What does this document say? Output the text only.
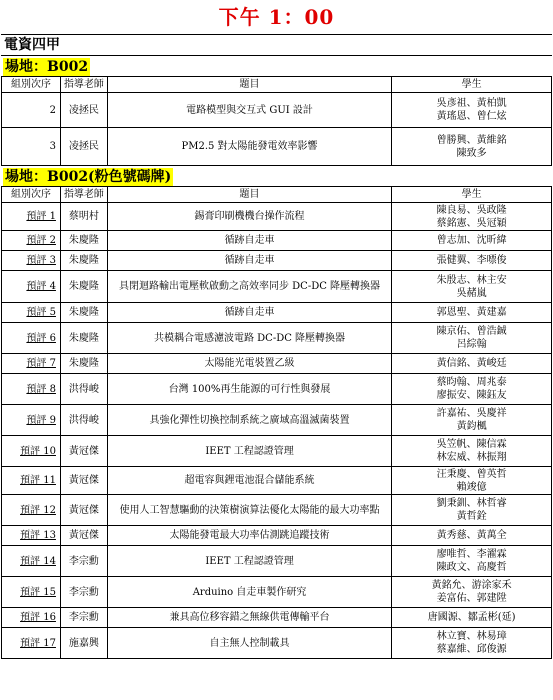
下午 1：00
電資四甲
場地：B002
組別次序	指導老師	題目	學生
2	凌拯民	電路模型與交互式 GUI 設計	吳彥祖、黃柏凱
黃瑤恩、曾仁炫
3	凌拯民	PM2.5 對太陽能發電效率影響	曾勝興、黃維銘
陳致多
場地：B002(粉色號碼牌)
組別次序	指導老師	題目	學生
預評 1	蔡明村	錫膏印刷機機台操作流程	陳良易、吳政隆
蔡銘憲、吳冠穎
預評 2	朱慶隆	循跡自走車	曾志加、沈昕緯
預評 3	朱慶隆	循跡自走車	張健翼、李嘌俊
預評 4	朱慶隆	具閉迴路輸出電壓軟啟動之高效率同步 DC-DC 降壓轉換器	朱殷志、林主安
吳赭嵐
預評 5	朱慶隆	循跡自走車	郭恩聖、黃建嘉
預評 6	朱慶隆	共模耦合電感濾波電路 DC-DC 降壓轉換器	陳京佑、曾浩鋮
呂綜翰
預評 7	朱慶隆	太陽能光電裝置乙級	黃信銘、黃峻廷
預評 8	洪得峻	台灣 100%再生能源的可行性與發展	蔡昀翰、周兆泰
廖振安、陳鈺友
預評 9	洪得峻	具強化彈性切換控制系統之廣域高溫滅菌裝置	許嘉祐、吳慶祥
黃鈞楓
預評 10	黃冠傑	IEET 工程認證管理	吳笠帆、陳信霖
林宏威、林振翔
預評 11	黃冠傑	超電容與鋰電池混合儲能系統	汪秉慶、曾英哲
賴竣億
預評 12	黃冠傑	使用人工智慧驅動的決策樹演算法優化太陽能的最大功率點	劉秉釧、林哲睿
黃哲銓
預評 13	黃冠傑	太陽能發電最大功率估測跳追蹤技術	黃秀慈、黃萬全
預評 14	李宗勳	IEET 工程認證管理	廖唯哲、李濯霖
陳政文、高慶哲
預評 15	李宗勳	Arduino 自走車製作研究	黃銘允、游涂家禾
姜富佑、郭建陞
預評 16	李宗勳	兼具高位移容錯之無線供電傳輸平台	唐國源、鄒孟彬(延)
預評 17	施嘉興	自主無人控制載具	林立寶、林易璋
蔡嘉維、邱俊源
